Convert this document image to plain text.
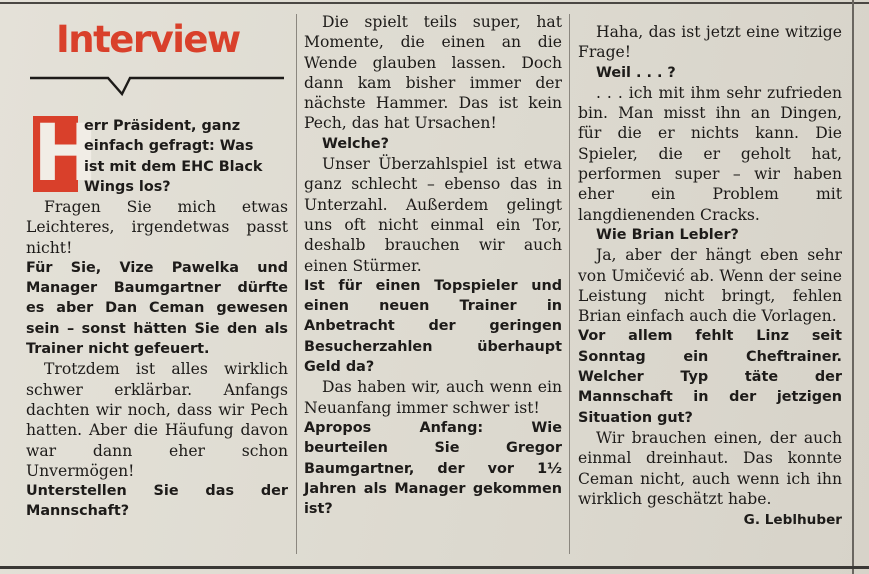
Interview
H
err Präsident, ganz
einfach gefragt: Was
ist mit dem EHC Black
Wings los?

Fragen Sie mich etwas Leichteres, irgendetwas passt nicht!

Für Sie, Vize Pawelka und Manager Baumgartner dürfte es aber Dan Ceman gewesen sein – sonst hätten Sie den als Trainer nicht gefeuert.

Trotzdem ist alles wirklich schwer erklärbar. Anfangs dachten wir noch, dass wir Pech hatten. Aber die Häufung davon war dann eher schon Unvermögen!

Unterstellen Sie das der Mannschaft?

Die spielt teils super, hat Momente, die einen an die Wende glauben lassen. Doch dann kam bisher immer der nächste Hammer. Das ist kein Pech, das hat Ursachen!

Welche?

Unser Überzahlspiel ist etwa ganz schlecht – ebenso das in Unterzahl. Außerdem gelingt uns oft nicht einmal ein Tor, deshalb brauchen wir auch einen Stürmer.

Ist für einen Topspieler und einen neuen Trainer in Anbetracht der geringen Besucherzahlen überhaupt Geld da?

Das haben wir, auch wenn ein Neuanfang immer schwer ist!

Apropos Anfang: Wie beurteilen Sie Gregor Baumgartner, der vor 1½ Jahren als Manager gekommen ist?

Haha, das ist jetzt eine witzige Frage!

Weil . . . ?

. . . ich mit ihm sehr zufrieden bin. Man misst ihn an Dingen, für die er nichts kann. Die Spieler, die er geholt hat, performen super – wir haben eher ein Problem mit langdienenden Cracks.

Wie Brian Lebler?

Ja, aber der hängt eben sehr von Umičević ab. Wenn der seine Leistung nicht bringt, fehlen Brian einfach auch die Vorlagen.

Vor allem fehlt Linz seit Sonntag ein Cheftrainer. Welcher Typ täte der Mannschaft in der jetzigen Situation gut?

Wir brauchen einen, der auch einmal dreinhaut. Das konnte Ceman nicht, auch wenn ich ihn wirklich geschätzt habe.

G. Leblhuber
